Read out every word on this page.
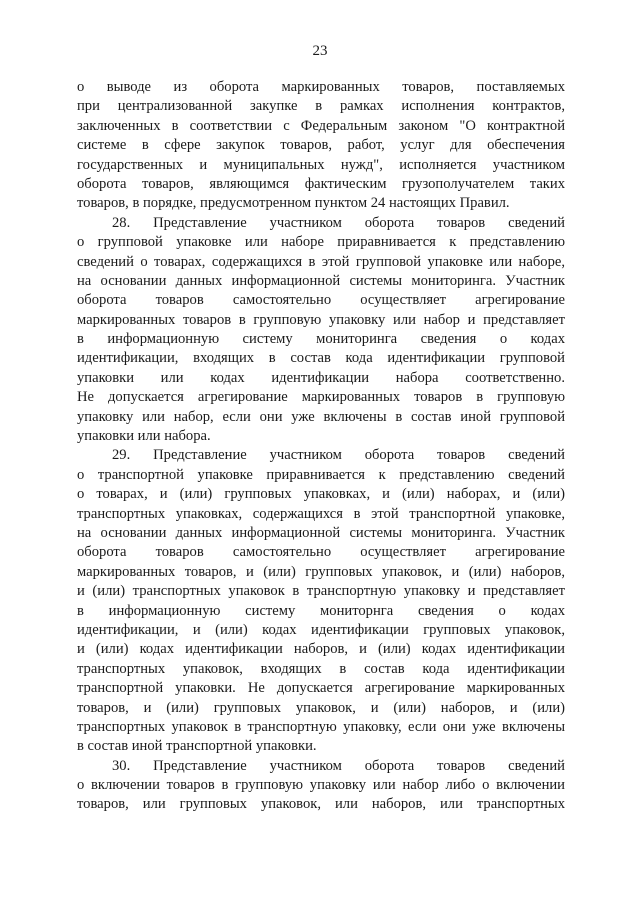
23
о выводе из оборота маркированных товаров, поставляемых
при централизованной закупке в рамках исполнения контрактов,
заключенных в соответствии с Федеральным законом "О контрактной
системе в сфере закупок товаров, работ, услуг для обеспечения
государственных и муниципальных нужд", исполняется участником
оборота товаров, являющимся фактическим грузополучателем таких
товаров, в порядке, предусмотренном пунктом 24 настоящих Правил.
28. Представление участником оборота товаров сведений
о групповой упаковке или наборе приравнивается к представлению
сведений о товарах, содержащихся в этой групповой упаковке или наборе,
на основании данных информационной системы мониторинга. Участник
оборота товаров самостоятельно осуществляет агрегирование
маркированных товаров в групповую упаковку или набор и представляет
в информационную систему мониторинга сведения о кодах
идентификации, входящих в состав кода идентификации групповой
упаковки или кодах идентификации набора соответственно.
Не допускается агрегирование маркированных товаров в групповую
упаковку или набор, если они уже включены в состав иной групповой
упаковки или набора.
29. Представление участником оборота товаров сведений
о транспортной упаковке приравнивается к представлению сведений
о товарах, и (или) групповых упаковках, и (или) наборах, и (или)
транспортных упаковках, содержащихся в этой транспортной упаковке,
на основании данных информационной системы мониторинга. Участник
оборота товаров самостоятельно осуществляет агрегирование
маркированных товаров, и (или) групповых упаковок, и (или) наборов,
и (или) транспортных упаковок в транспортную упаковку и представляет
в информационную систему мониторнга сведения о кодах
идентификации, и (или) кодах идентификации групповых упаковок,
и (или) кодах идентификации наборов, и (или) кодах идентификации
транспортных упаковок, входящих в состав кода идентификации
транспортной упаковки. Не допускается агрегирование маркированных
товаров, и (или) групповых упаковок, и (или) наборов, и (или)
транспортных упаковок в транспортную упаковку, если они уже включены
в состав иной транспортной упаковки.
30. Представление участником оборота товаров сведений
о включении товаров в групповую упаковку или набор либо о включении
товаров, или групповых упаковок, или наборов, или транспортных
